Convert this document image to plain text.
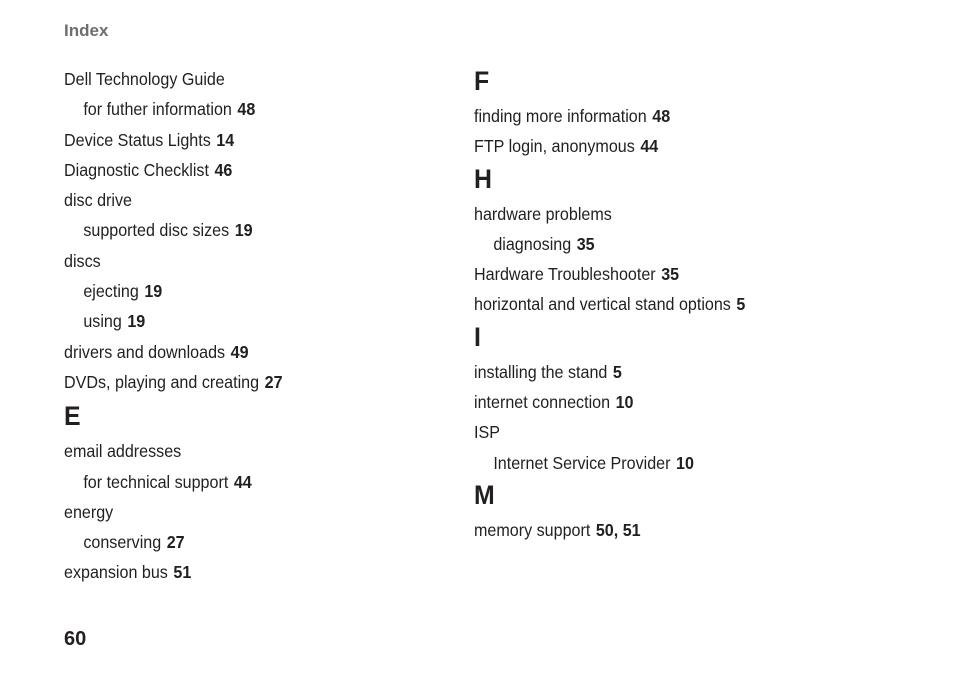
Index
Dell Technology Guide
for futher information 48
Device Status Lights 14
Diagnostic Checklist 46
disc drive
supported disc sizes 19
discs
ejecting 19
using 19
drivers and downloads 49
DVDs, playing and creating 27
E
email addresses
for technical support 44
energy
conserving 27
expansion bus 51
F
finding more information 48
FTP login, anonymous 44
H
hardware problems
diagnosing 35
Hardware Troubleshooter 35
horizontal and vertical stand options 5
I
installing the stand 5
internet connection 10
ISP
Internet Service Provider 10
M
memory support 50, 51
60
